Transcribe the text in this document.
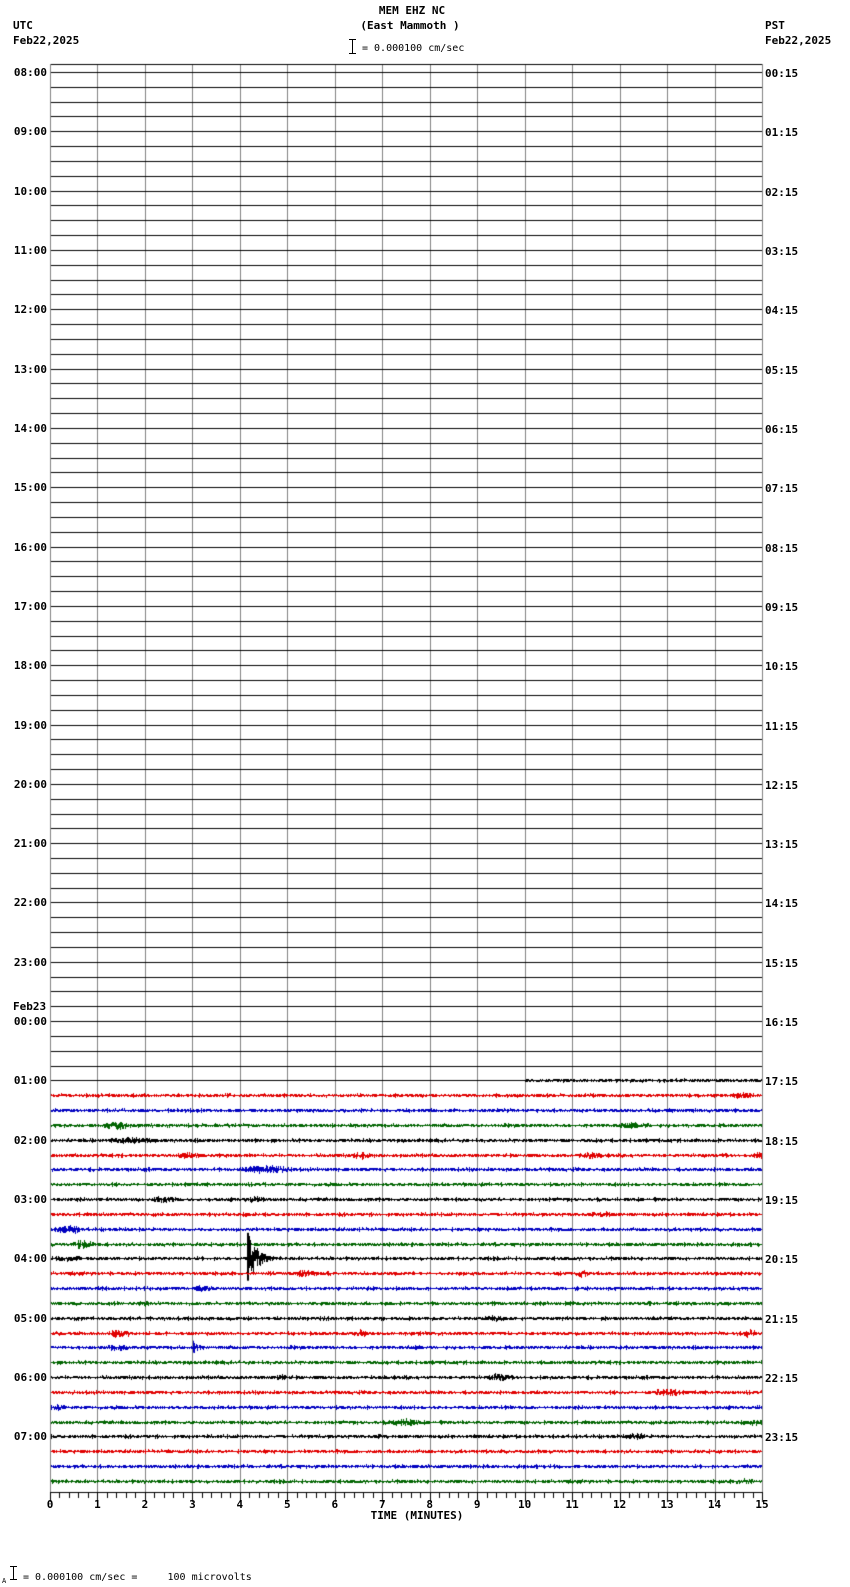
08:00
09:00
10:00
11:00
12:00
13:00
14:00
15:00
16:00
17:00
18:00
19:00
20:00
21:00
22:00
23:00
00:00
Feb23
01:00
02:00
03:00
04:00
05:00
06:00
07:00
00:15
01:15
02:15
03:15
04:15
05:15
06:15
07:15
08:15
09:15
10:15
11:15
12:15
13:15
14:15
15:15
16:15
17:15
18:15
19:15
20:15
21:15
22:15
23:15
0	1	2	3	4	5	6	7	8	9	10	11	12	13	14	15
TIME (MINUTES)
A = 0.000100 cm/sec =     100 microvolts
